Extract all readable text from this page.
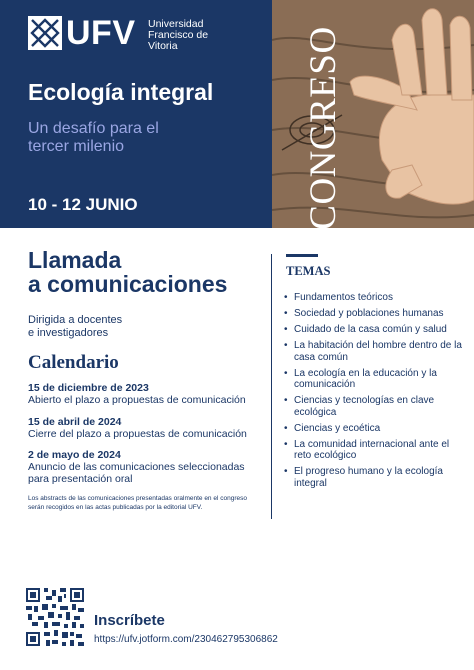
UFV Universidad Francisco de Vitoria
Ecología integral
Un desafío para el tercer milenio
10 - 12 JUNIO	CONGRESO
Llamada
a comunicaciones
Dirigida a docentes
e investigadores
Calendario
15 de diciembre de 2023
Abierto el plazo a propuestas de comunicación
15 de abril de 2024
Cierre del plazo a propuestas de comunicación
2 de mayo de 2024
Anuncio de las comunicaciones seleccionadas para presentación oral
Los abstracts de las comunicaciones presentadas oralmente en el congreso serán recogidos en las actas publicadas por la editorial UFV.
TEMAS
• Fundamentos teóricos
• Sociedad y poblaciones humanas
• Cuidado de la casa común y salud
• La habitación del hombre dentro de la casa común
• La ecología en la educación y la comunicación
• Ciencias y tecnologías en clave ecológica
• Ciencias y ecoética
• La comunidad internacional ante el reto ecológico
• El progreso humano y la ecología integral
Inscríbete
https://ufv.jotform.com/230462795306862
